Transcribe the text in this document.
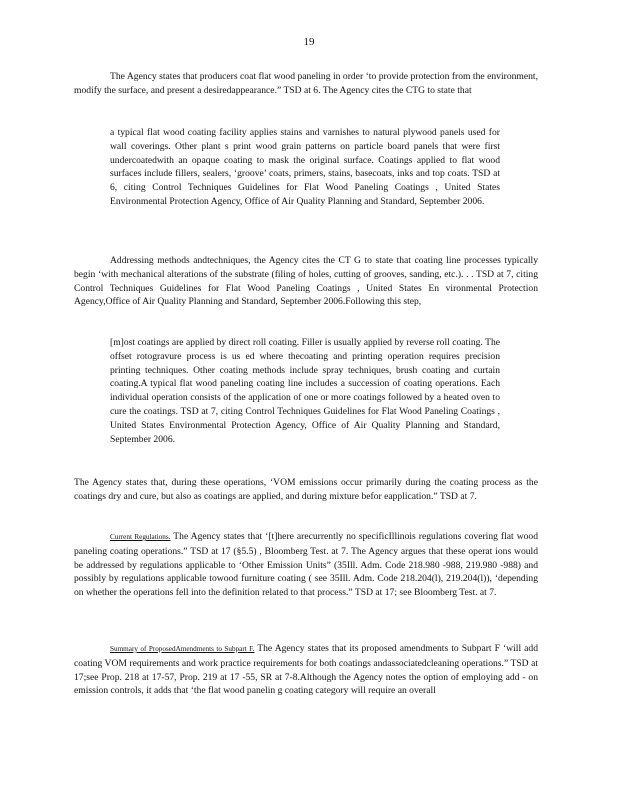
19

The Agency states that producers coat flat wood paneling in order ‘to provide protection from the environment, modify the surface, and present a desiredappearance.” TSD at 6. The Agency cites the CTG to state that

a typical flat wood coating facility applies stains and varnishes to natural plywood panels used for wall coverings. Other plant s print wood grain patterns on particle board panels that were first undercoatedwith an opaque coating to mask the original surface. Coatings applied to flat wood surfaces include fillers, sealers, ‘groove’ coats, primers, stains, basecoats, inks and top coats. TSD at 6, citing Control Techniques Guidelines for Flat Wood Paneling Coatings , United States Environmental Protection Agency, Office of Air Quality Planning and Standard, September 2006.

Addressing methods andtechniques, the Agency cites the CT G to state that coating line processes typically begin ‘with mechanical alterations of the substrate (filing of holes, cutting of grooves, sanding, etc.). . . TSD at 7, citing Control Techniques Guidelines for Flat Wood Paneling Coatings , United States En vironmental Protection Agency,Office of Air Quality Planning and Standard, September 2006.Following this step,

[m]ost coatings are applied by direct roll coating. Filler is usually applied by reverse roll coating. The offset rotogravure process is us ed where thecoating and printing operation requires precision printing techniques. Other coating methods include spray techniques, brush coating and curtain coating.A typical flat wood paneling coating line includes a succession of coating operations. Each individual operation consists of the application of one or more coatings followed by a heated oven to cure the coatings. TSD at 7, citing Control Techniques Guidelines for Flat Wood Paneling Coatings , United States Environmental Protection Agency, Office of Air Quality Planning and Standard, September 2006.

The Agency states that, during these operations, ‘VOM emissions occur primarily during the coating process as the coatings dry and cure, but also as coatings are applied, and during mixture befor eapplication.” TSD at 7.

Current Regulations. The Agency states that ‘[t]here arecurrently no specificIllinois regulations covering flat wood paneling coating operations.” TSD at 17 (§5.5) , Bloomberg Test. at 7. The Agency argues that these operat ions would be addressed by regulations applicable to ‘Other Emission Units” (35Ill. Adm. Code 218.980 -988, 219.980 -988) and possibly by regulations applicable towood furniture coating ( see 35Ill. Adm. Code 218.204(l), 219.204(l)), ‘depending on whether the operations fell into the definition related to that process.” TSD at 17; see Bloomberg Test. at 7.

Summary of ProposedAmendments to Subpart F. The Agency states that its proposed amendments to Subpart F ‘will add coating VOM requirements and work practice requirements for both coatings andassociatedcleaning operations.” TSD at 17;see Prop. 218 at 17-57, Prop. 219 at 17 -55, SR at 7-8.Although the Agency notes the option of employing add - on emission controls, it adds that ‘the flat wood panelin g coating category will require an overall
